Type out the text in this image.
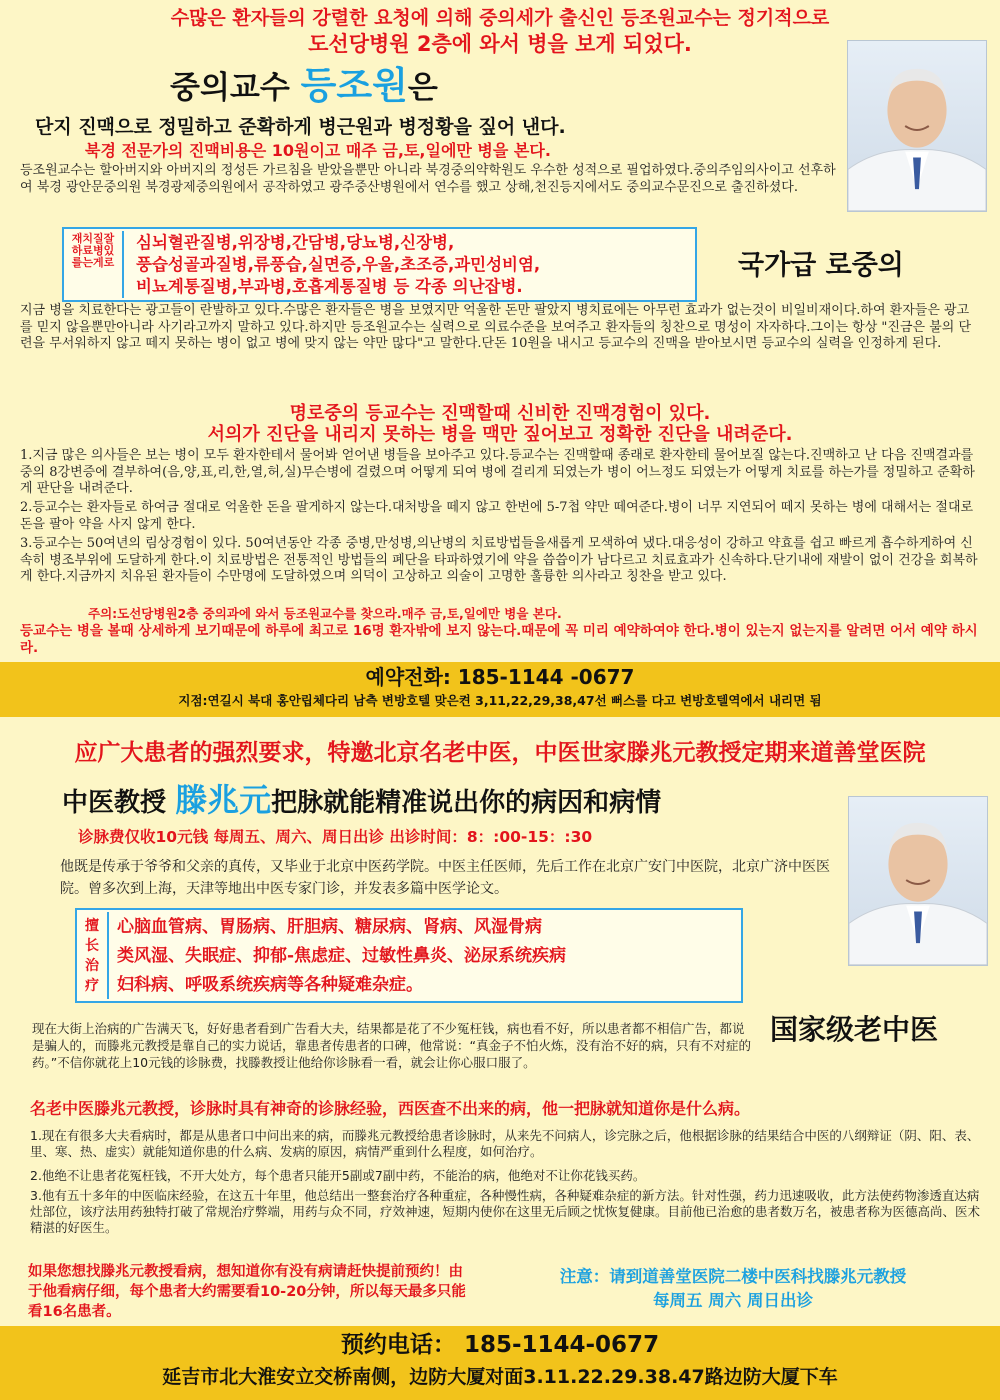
수많은 환자들의 강렬한 요청에 의해 중의세가 출신인 등조원교수는 정기적으로
도선당병원 2층에 와서 병을 보게 되었다.
중의교수 등조원은
단지 진맥으로 정밀하고 준확하게 병근원과 병정황을 짚어 낸다.
북경 전문가의 진맥비용은 10원이고 매주 금,토,일에만 병을 본다.
등조원교수는 할아버지와 아버지의 정성든 가르침을 받았을뿐만 아니라 북경중의약학원도 우수한 성적으로 필업하였다.중의주임의사이고 선후하여 북경 광안문중의원 북경광제중의원에서 공작하였고 광주중산병원에서 연수를 했고 상해,천진등지에서도 중의교수문진으로 출진하셨다.
재치질잘하료병있를는게로
심뇌혈관질병,위장병,간담병,당뇨병,신장병,
풍습성골과질병,류풍습,실면증,우울,초조증,과민성비염,
비뇨계통질병,부과병,호흡계통질병 등 각종 의난잡병.
국가급 로중의
지금 병을 치료한다는 광고들이 란발하고 있다.수많은 환자들은 병을 보였지만 억울한 돈만 팔았지 병치료에는 아무런 효과가 없는것이 비일비재이다.하여 환자들은 광고를 믿지 않을뿐만아니라 사기라고까지 말하고 있다.하지만 등조원교수는 실력으로 의료수준을 보여주고 환자들의 칭찬으로 명성이 자자하다.그이는 항상 "진금은 불의 단련을 무서워하지 않고 떼지 못하는 병이 없고 병에 맞지 않는 약만 많다"고 말한다.단돈 10원을 내시고 등교수의 진맥을 받아보시면 등교수의 실력을 인정하게 된다.
명로중의 등교수는 진맥할때 신비한 진맥경험이 있다.
서의가 진단을 내리지 못하는 병을 맥만 짚어보고 정확한 진단을 내려준다.
1.지금 많은 의사들은 보는 병이 모두 환자한테서 물어봐 얻어낸 병들을 보아주고 있다.등교수는 진맥할때 종래로 환자한테 물어보질 않는다.진맥하고 난 다음 진맥결과를 중의 8강변증에 결부하여(음,양,표,리,한,열,허,실)무슨병에 걸렸으며 어떻게 되여 병에 걸리게 되였는가 병이 어느정도 되였는가 어떻게 치료를 하는가를 정밀하고 준확하게 판단을 내려준다.
2.등교수는 환자들로 하여금 절대로 억울한 돈을 팔게하지 않는다.대처방을 떼지 않고 한번에 5-7첩 약만 떼여준다.병이 너무 지연되어 떼지 못하는 병에 대해서는 절대로 돈을 팔아 약을 사지 않게 한다.
3.등교수는 50여년의 림상경험이 있다. 50여년동안 각종 중병,만성병,의난병의 치료방법들을새롭게 모색하여 냈다.대응성이 강하고 약효를 쉽고 빠르게 흡수하게하여 신속히 병조부위에 도달하게 한다.이 치료방법은 전통적인 방법들의 폐단을 타파하였기에 약을 씁씁이가 남다르고 치료효과가 신속하다.단기내에 재발이 없이 건강을 회복하게 한다.지금까지 치유된 환자들이 수만명에 도달하였으며 의덕이 고상하고 의술이 고명한 훌륭한 의사라고 칭찬을 받고 있다.
주의:도선당병원2층 중의과에 와서 등조원교수를 찾으라.매주 금,토,일에만 병을 본다.
등교수는 병을 볼때 상세하게 보기때문에 하루에 최고로 16명 환자밖에 보지 않는다.때문에 꼭 미리 예약하여야 한다.병이 있는지 없는지를 알려면 어서 예약 하시라.
예약전화: 185-1144 -0677
지점:연길시 북대 홍안립체다리 남측 변방호텔 맞은켠 3,11,22,29,38,47선 뻐스를 다고 변방호텔역에서 내리면 됨
应广大患者的强烈要求，特邀北京名老中医，中医世家滕兆元教授定期来道善堂医院
中医教授 滕兆元把脉就能精准说出你的病因和病情
诊脉费仅收10元钱 每周五、周六、周日出诊 出诊时间：8：:00-15：:30
他既是传承于爷爷和父亲的真传，又毕业于北京中医药学院。中医主任医师，先后工作在北京广安门中医院，北京广济中医医院。曾多次到上海，天津等地出中医专家门诊，并发表多篇中医学论文。
擅长治疗
心脑血管病、胃肠病、肝胆病、糖尿病、肾病、风湿骨病
类风湿、失眠症、抑郁-焦虑症、过敏性鼻炎、泌尿系统疾病
妇科病、呼吸系统疾病等各种疑难杂症。
国家级老中医
现在大街上治病的广告满天飞，好好患者看到广告看大夫，结果都是花了不少冤枉钱，病也看不好，所以患者都不相信广告，都说是骗人的，而滕兆元教授是靠自己的实力说话，靠患者传患者的口碑，他常说：“真金子不怕火炼，没有治不好的病，只有不对症的药。”不信你就花上10元钱的诊脉费，找滕教授让他给你诊脉看一看，就会让你心服口服了。
名老中医滕兆元教授，诊脉时具有神奇的诊脉经验，西医查不出来的病，他一把脉就知道你是什么病。
1.现在有很多大夫看病时，都是从患者口中问出来的病，而滕兆元教授给患者诊脉时，从来先不问病人，诊完脉之后，他根据诊脉的结果结合中医的八纲辩证（阴、阳、表、里、寒、热、虚实）就能知道你患的什么病、发病的原因，病情严重到什么程度，如何治疗。
2.他绝不让患者花冤枉钱，不开大处方，每个患者只能开5副或7副中药，不能治的病，他绝对不让你花钱买药。
3.他有五十多年的中医临床经验，在这五十年里，他总结出一整套治疗各种重症，各种慢性病，各种疑难杂症的新方法。针对性强，药力迅速吸收，此方法使药物渗透直达病灶部位，该疗法用药独特打破了常规治疗弊端，用药与众不同，疗效神速，短期内使你在这里无后顾之忧恢复健康。目前他已治愈的患者数万名，被患者称为医德高尚、医术精湛的好医生。
如果您想找滕兆元教授看病，想知道你有没有病请赶快提前预约！由于他看病仔细，每个患者大约需要看10-20分钟，所以每天最多只能看16名患者。
注意：请到道善堂医院二楼中医科找滕兆元教授
每周五 周六 周日出诊
预约电话： 185-1144-0677
延吉市北大淮安立交桥南侧，边防大厦对面3.11.22.29.38.47路边防大厦下车
